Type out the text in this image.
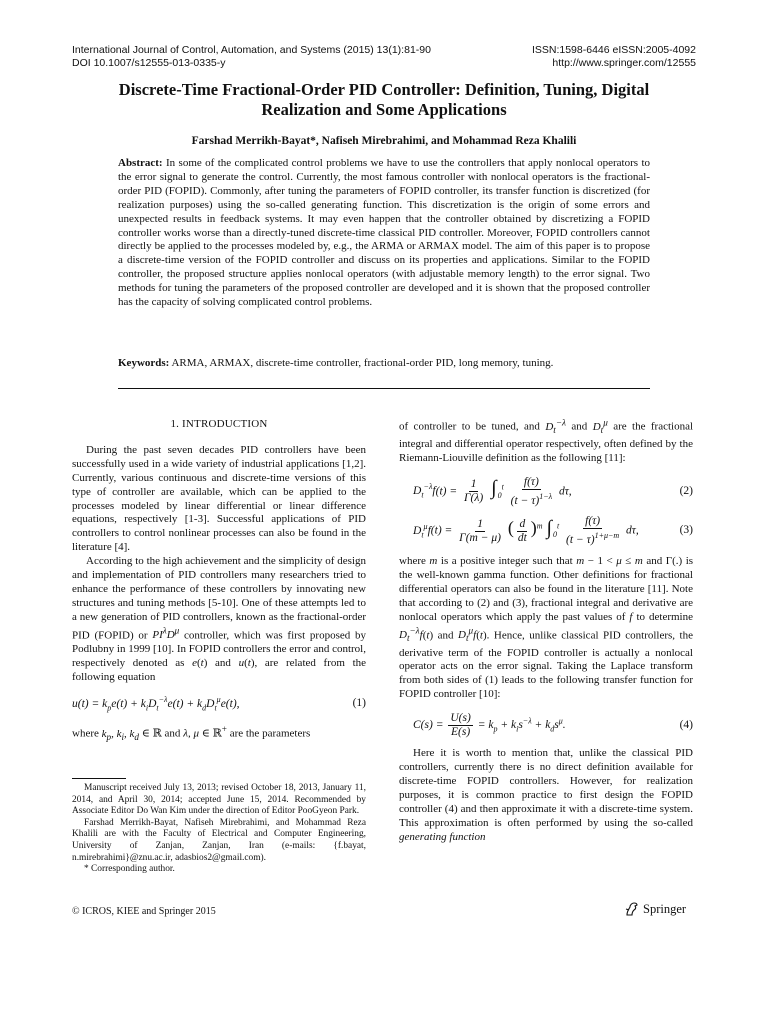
International Journal of Control, Automation, and Systems (2015) 13(1):81-90
DOI 10.1007/s12555-013-0335-y
ISSN:1598-6446 eISSN:2005-4092
http://www.springer.com/12555
Discrete-Time Fractional-Order PID Controller: Definition, Tuning, Digital Realization and Some Applications
Farshad Merrikh-Bayat*, Nafiseh Mirebrahimi, and Mohammad Reza Khalili
Abstract: In some of the complicated control problems we have to use the controllers that apply nonlocal operators to the error signal to generate the control. Currently, the most famous controller with nonlocal operators is the fractional-order PID (FOPID). Commonly, after tuning the parameters of FOPID controller, its transfer function is discretized (for realization purposes) using the so-called generating function. This discretization is the origin of some errors and unexpected results in feedback systems. It may even happen that the controller obtained by discretizing a FOPID controller works worse than a directly-tuned discrete-time classical PID controller. Moreover, FOPID controllers cannot directly be applied to the processes modeled by, e.g., the ARMA or ARMAX model. The aim of this paper is to propose a discrete-time version of the FOPID controller and discuss on its properties and applications. Similar to the FOPID controller, the proposed structure applies nonlocal operators (with adjustable memory length) to the error signal. Two methods for tuning the parameters of the proposed controller are developed and it is shown that the proposed controller has the capacity of solving complicated control problems.
Keywords: ARMA, ARMAX, discrete-time controller, fractional-order PID, long memory, tuning.
1. INTRODUCTION

During the past seven decades PID controllers have been successfully used in a wide variety of industrial applications [1,2]. Currently, various continuous and discrete-time versions of this type of controller are available, which can be applied to the processes modeled by linear differential or linear difference equations, respectively [1-3]. Successful applications of PID controllers to control nonlinear processes can also be found in the literature [4].

According to the high achievement and the simplicity of design and implementation of PID controllers many researchers tried to enhance the performance of these controllers by innovating new structures and tuning methods [5-10]. One of these attempts led to a new generation of PID controllers, known as the fractional-order PID (FOPID) or $PI^\lambda D^\mu$ controller, which was first proposed by Podlubny in 1999 [10]. In FOPID controllers the error and control, respectively denoted as e(t) and u(t), are related from the following equation

$u(t) = k_pe(t) + k_iD_t^{-\lambda}e(t) + k_dD_t^\mu e(t)$,	(1)

where $k_p$, $k_i$, $k_d$ ∈ ℝ and λ, μ ∈ ℝ+ are the parameters

Manuscript received July 13, 2013; revised October 18, 2013, January 11, 2014, and April 30, 2014; accepted June 15, 2014. Recommended by Associate Editor Do Wan Kim under the direction of Editor PooGyeon Park.

Farshad Merrikh-Bayat, Nafiseh Mirebrahimi, and Mohammad Reza Khalili are with the Faculty of Electrical and Computer Engineering, University of Zanjan, Zanjan, Iran (e-mails: {f.bayat, n.mirebrahimi}@znu.ac.ir, adasbios2@gmail.com).

* Corresponding author.

of controller to be tuned, and $D_t^{-\lambda}$ and $D_t^\mu$ are the fractional integral and differential operator respectively, often defined by the Riemann-Liouville definition as the following [11]:

$D_t^{-\lambda}f(t) = \frac{1}{\Gamma(\lambda)} \int_0^t \frac{f(\tau)}{(t - \tau)^{1-\lambda}} d\tau$,	(2)
$D_t^\mu f(t) = \frac{1}{\Gamma(m - \mu)}$ ( $\frac{d}{dt} )^m$ $\int_0^t \frac{f(\tau)}{(t - \tau)^{1+\mu-m}} d\tau$,	(3)

where m is a positive integer such that m − 1 < μ ≤ m and Γ(.) is the well-known gamma function. Other definitions for fractional differential operators can also be found in the literature [11]. Note that according to (2) and (3), fractional integral and derivative are nonlocal operators which apply the past values of f to determine $D_t^{-\lambda}f(t)$ and $D_t^\mu f(t)$. Hence, unlike classical PID controllers, the derivative term of the FOPID controller is actually a nonlocal operator acts on the error signal. Taking the Laplace transform from both sides of (1) leads to the following transfer function for FOPID controller [10]:

$C(s) = \frac{U(s)}{E(s)} = k_p + k_is^{-\lambda} + k_ds^\mu$.	(4)

Here it is worth to mention that, unlike the classical PID controllers, currently there is no direct definition available for discrete-time FOPID controllers. However, for realization purposes, it is common practice to first design the FOPID controller (4) and then approximate it with a discrete-time system. This approximation is often performed by using the so-called generating function

© ICROS, KIEE and Springer 2015	Springer
